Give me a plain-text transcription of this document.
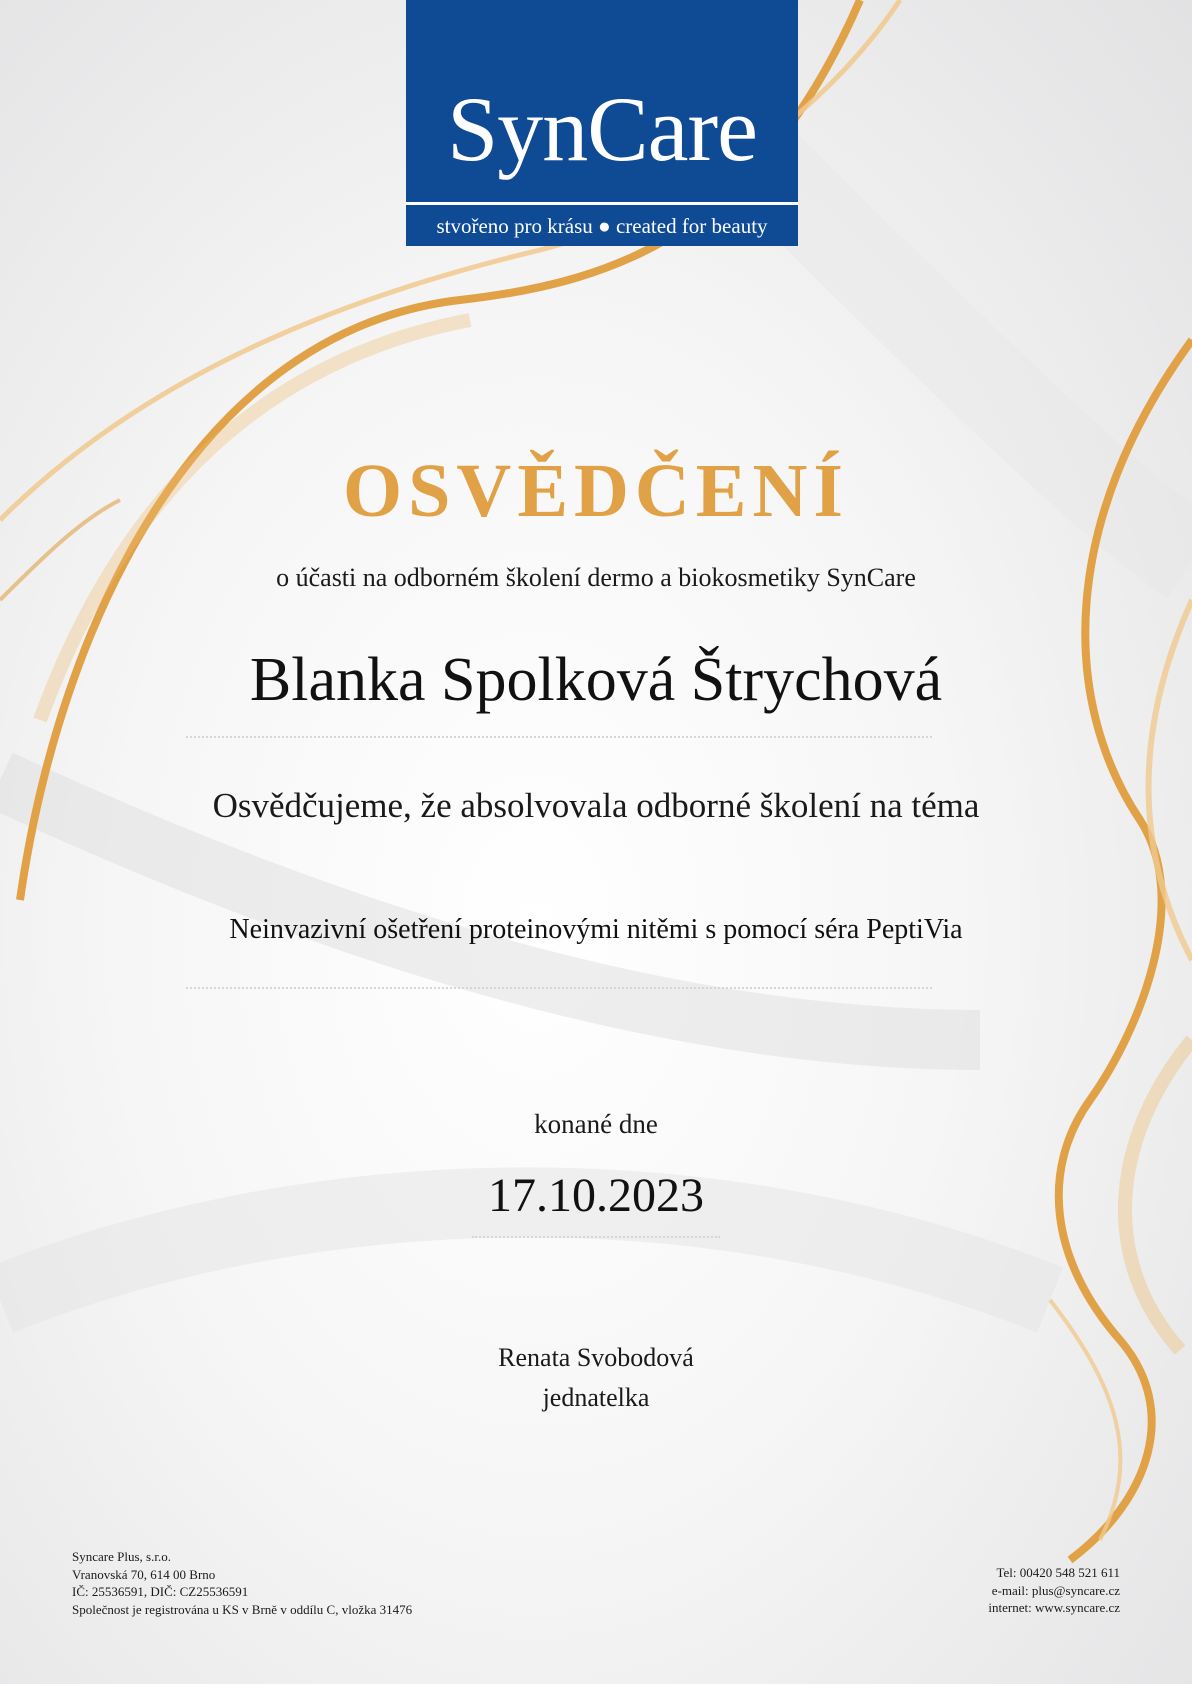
SynCare
stvořeno pro krásu ● created for beauty
OSVĚDČENÍ
o účasti na odborném školení dermo a biokosmetiky SynCare
Blanka Spolková Štrychová
Osvědčujeme, že absolvovala odborné školení na téma
Neinvazivní ošetření proteinovými nitěmi s pomocí séra PeptiVia
konané dne
17.10.2023
Renata Svobodová
jednatelka
Syncare Plus, s.r.o.
Vranovská 70, 614 00 Brno
IČ: 25536591, DIČ: CZ25536591
Společnost je registrována u KS v Brně v oddílu C, vložka 31476
Tel: 00420 548 521 611
e-mail: plus@syncare.cz
internet: www.syncare.cz
